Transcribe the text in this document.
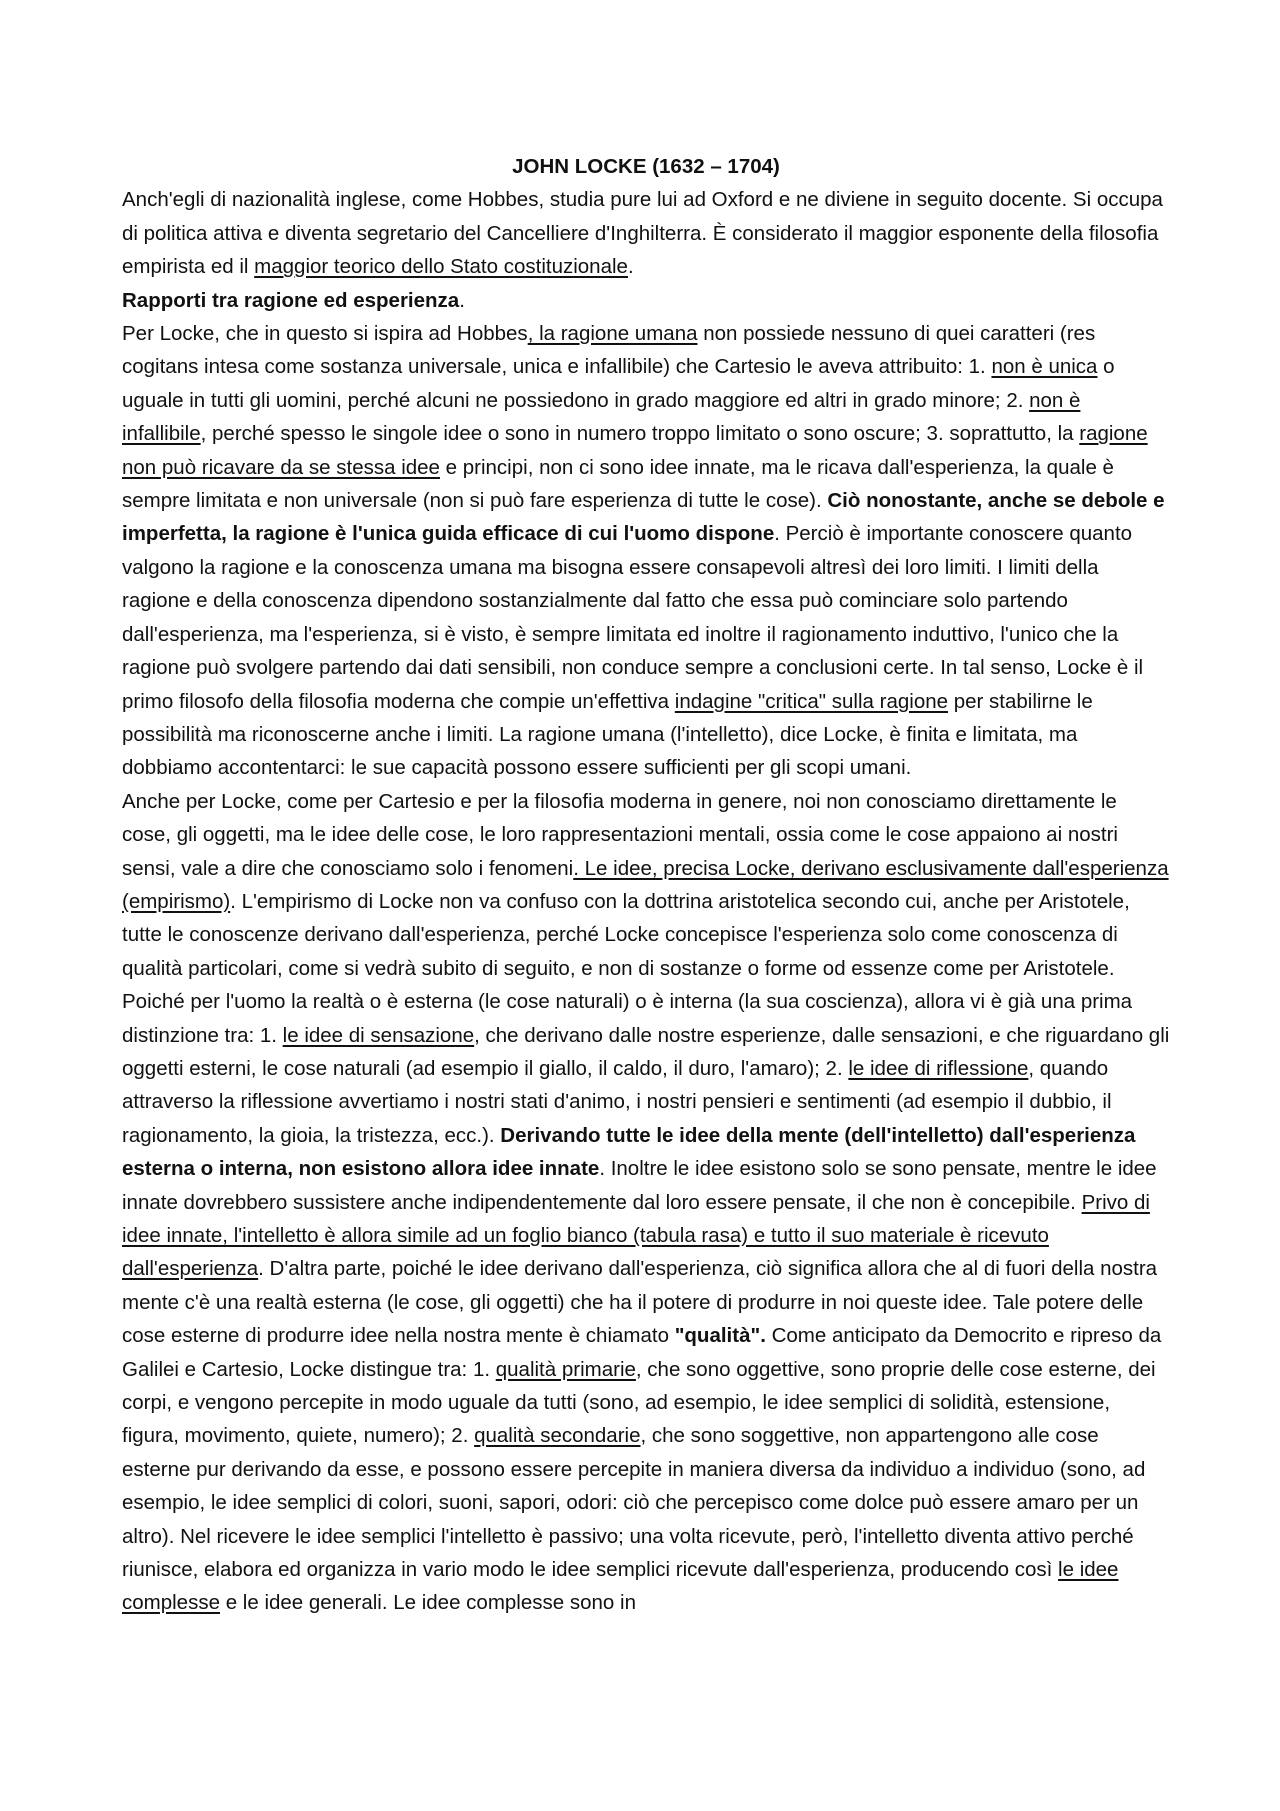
JOHN LOCKE (1632 – 1704)

Anch'egli di nazionalità inglese, come Hobbes, studia pure lui ad Oxford e ne diviene in seguito docente. Si occupa di politica attiva e diventa segretario del Cancelliere d'Inghilterra. È considerato il maggior esponente della filosofia empirista ed il maggior teorico dello Stato costituzionale.

Rapporti tra ragione ed esperienza.

Per Locke, che in questo si ispira ad Hobbes, la ragione umana non possiede nessuno di quei caratteri (res cogitans intesa come sostanza universale, unica e infallibile) che Cartesio le aveva attribuito: 1. non è unica o uguale in tutti gli uomini, perché alcuni ne possiedono in grado maggiore ed altri in grado minore; 2. non è infallibile, perché spesso le singole idee o sono in numero troppo limitato o sono oscure; 3. soprattutto, la ragione non può ricavare da se stessa idee e principi, non ci sono idee innate, ma le ricava dall'esperienza, la quale è sempre limitata e non universale (non si può fare esperienza di tutte le cose). Ciò nonostante, anche se debole e imperfetta, la ragione è l'unica guida efficace di cui l'uomo dispone. Perciò è importante conoscere quanto valgono la ragione e la conoscenza umana ma bisogna essere consapevoli altresì dei loro limiti. I limiti della ragione e della conoscenza dipendono sostanzialmente dal fatto che essa può cominciare solo partendo dall'esperienza, ma l'esperienza, si è visto, è sempre limitata ed inoltre il ragionamento induttivo, l'unico che la ragione può svolgere partendo dai dati sensibili, non conduce sempre a conclusioni certe. In tal senso, Locke è il primo filosofo della filosofia moderna che compie un'effettiva indagine "critica" sulla ragione per stabilirne le possibilità ma riconoscerne anche i limiti. La ragione umana (l'intelletto), dice Locke, è finita e limitata, ma dobbiamo accontentarci: le sue capacità possono essere sufficienti per gli scopi umani.

Anche per Locke, come per Cartesio e per la filosofia moderna in genere, noi non conosciamo direttamente le cose, gli oggetti, ma le idee delle cose, le loro rappresentazioni mentali, ossia come le cose appaiono ai nostri sensi, vale a dire che conosciamo solo i fenomeni. Le idee, precisa Locke, derivano esclusivamente dall'esperienza (empirismo). L'empirismo di Locke non va confuso con la dottrina aristotelica secondo cui, anche per Aristotele, tutte le conoscenze derivano dall'esperienza, perché Locke concepisce l'esperienza solo come conoscenza di qualità particolari, come si vedrà subito di seguito, e non di sostanze o forme od essenze come per Aristotele. Poiché per l'uomo la realtà o è esterna (le cose naturali) o è interna (la sua coscienza), allora vi è già una prima distinzione tra: 1. le idee di sensazione, che derivano dalle nostre esperienze, dalle sensazioni, e che riguardano gli oggetti esterni, le cose naturali (ad esempio il giallo, il caldo, il duro, l'amaro); 2. le idee di riflessione, quando attraverso la riflessione avvertiamo i nostri stati d'animo, i nostri pensieri e sentimenti (ad esempio il dubbio, il ragionamento, la gioia, la tristezza, ecc.). Derivando tutte le idee della mente (dell'intelletto) dall'esperienza esterna o interna, non esistono allora idee innate. Inoltre le idee esistono solo se sono pensate, mentre le idee innate dovrebbero sussistere anche indipendentemente dal loro essere pensate, il che non è concepibile. Privo di idee innate, l'intelletto è allora simile ad un foglio bianco (tabula rasa) e tutto il suo materiale è ricevuto dall'esperienza. D'altra parte, poiché le idee derivano dall'esperienza, ciò significa allora che al di fuori della nostra mente c'è una realtà esterna (le cose, gli oggetti) che ha il potere di produrre in noi queste idee. Tale potere delle cose esterne di produrre idee nella nostra mente è chiamato "qualità". Come anticipato da Democrito e ripreso da Galilei e Cartesio, Locke distingue tra: 1. qualità primarie, che sono oggettive, sono proprie delle cose esterne, dei corpi, e vengono percepite in modo uguale da tutti (sono, ad esempio, le idee semplici di solidità, estensione, figura, movimento, quiete, numero); 2. qualità secondarie, che sono soggettive, non appartengono alle cose esterne pur derivando da esse, e possono essere percepite in maniera diversa da individuo a individuo (sono, ad esempio, le idee semplici di colori, suoni, sapori, odori: ciò che percepisco come dolce può essere amaro per un altro). Nel ricevere le idee semplici l'intelletto è passivo; una volta ricevute, però, l'intelletto diventa attivo perché riunisce, elabora ed organizza in vario modo le idee semplici ricevute dall'esperienza, producendo così le idee complesse e le idee generali. Le idee complesse sono in
